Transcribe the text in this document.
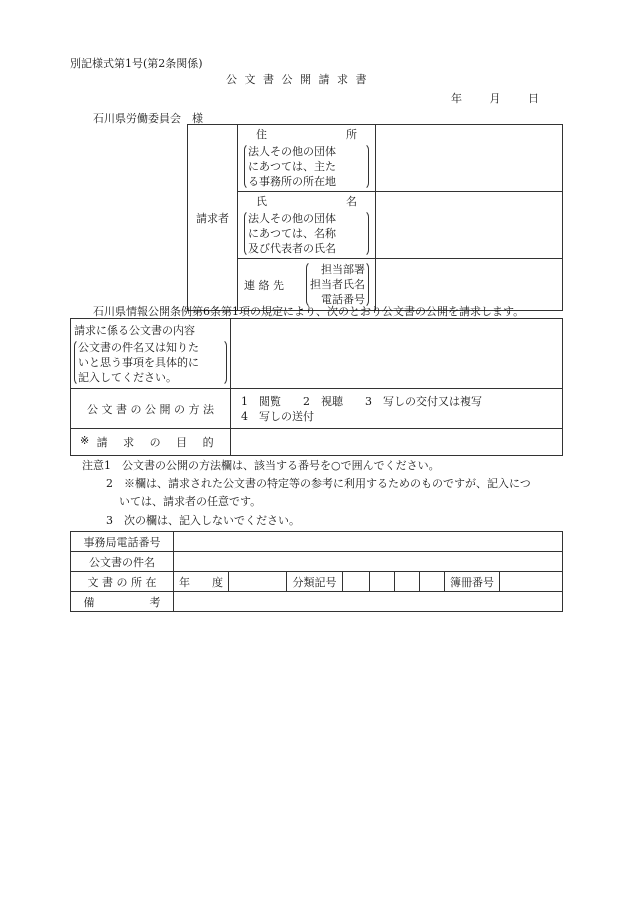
別記様式第1号(第2条関係)
公 文 書 公 開 請 求 書
年	月	日
石川県労働委員会　様
請求者	住 所
法人その他の団体
にあつては、主た
る事務所の所在地	

	氏 名
法人その他の団体
にあつては、名称
及び代表者の氏名	

	連 絡 先
担当部署
担当者氏名
電話番号	

石川県情報公開条例第6条第1項の規定により、次のとおり公文書の公開を請求します。
請求に係る公文書の内容
公文書の件名又は知りた
いと思う事項を具体的に
記入してください。	

公 文 書 の 公 開 の 方 法	1　閲覧　　2　視聴　　3　写しの交付又は複写
4　写しの送付

※ 請 求 の 目 的	

注意1　公文書の公開の方法欄は、該当する番号を○で囲んでください。
2　※欄は、請求された公文書の特定等の参考に利用するためのものですが、記入につ
いては、請求者の任意です。
3　次の欄は、記入しないでください。
事務局電話番号									
公文書の件名									
文 書 の 所 在	年　　度		分類記号					簿冊番号	
備　　　　　考									
